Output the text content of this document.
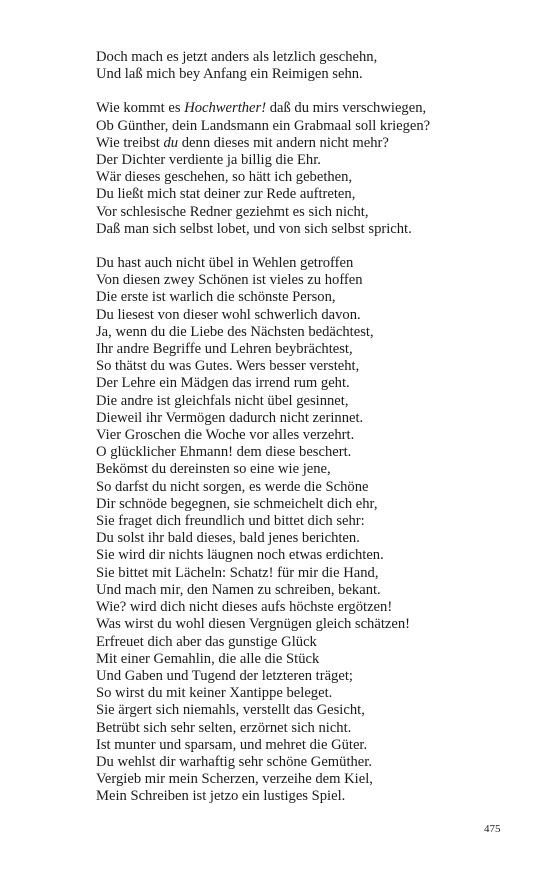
Doch mach es jetzt anders als letzlich geschehn,
Und laß mich bey Anfang ein Reimigen sehn.
Wie kommt es Hochwerther! daß du mirs verschwiegen,
Ob Günther, dein Landsmann ein Grabmaal soll kriegen?
Wie treibst du denn dieses mit andern nicht mehr?
Der Dichter verdiente ja billig die Ehr.
Wär dieses geschehen, so hätt ich gebethen,
Du ließt mich stat deiner zur Rede auftreten,
Vor schlesische Redner geziehmt es sich nicht,
Daß man sich selbst lobet, und von sich selbst spricht.
Du hast auch nicht übel in Wehlen getroffen
Von diesen zwey Schönen ist vieles zu hoffen
Die erste ist warlich die schönste Person,
Du liesest von dieser wohl schwerlich davon.
Ja, wenn du die Liebe des Nächsten bedächtest,
Ihr andre Begriffe und Lehren beybrächtest,
So thätst du was Gutes. Wers besser versteht,
Der Lehre ein Mädgen das irrend rum geht.
Die andre ist gleichfals nicht übel gesinnet,
Dieweil ihr Vermögen dadurch nicht zerinnet.
Vier Groschen die Woche vor alles verzehrt.
O glücklicher Ehmann! dem diese beschert.
Bekömst du dereinsten so eine wie jene,
So darfst du nicht sorgen, es werde die Schöne
Dir schnöde begegnen, sie schmeichelt dich ehr,
Sie fraget dich freundlich und bittet dich sehr:
Du solst ihr bald dieses, bald jenes berichten.
Sie wird dir nichts läugnen noch etwas erdichten.
Sie bittet mit Lächeln: Schatz! für mir die Hand,
Und mach mir, den Namen zu schreiben, bekant.
Wie? wird dich nicht dieses aufs höchste ergötzen!
Was wirst du wohl diesen Vergnügen gleich schätzen!
Erfreuet dich aber das gunstige Glück
Mit einer Gemahlin, die alle die Stück
Und Gaben und Tugend der letzteren träget;
So wirst du mit keiner Xantippe beleget.
Sie ärgert sich niemahls, verstellt das Gesicht,
Betrübt sich sehr selten, erzörnet sich nicht.
Ist munter und sparsam, und mehret die Güter.
Du wehlst dir warhaftig sehr schöne Gemüther.
Vergieb mir mein Scherzen, verzeihe dem Kiel,
Mein Schreiben ist jetzo ein lustiges Spiel.
475
